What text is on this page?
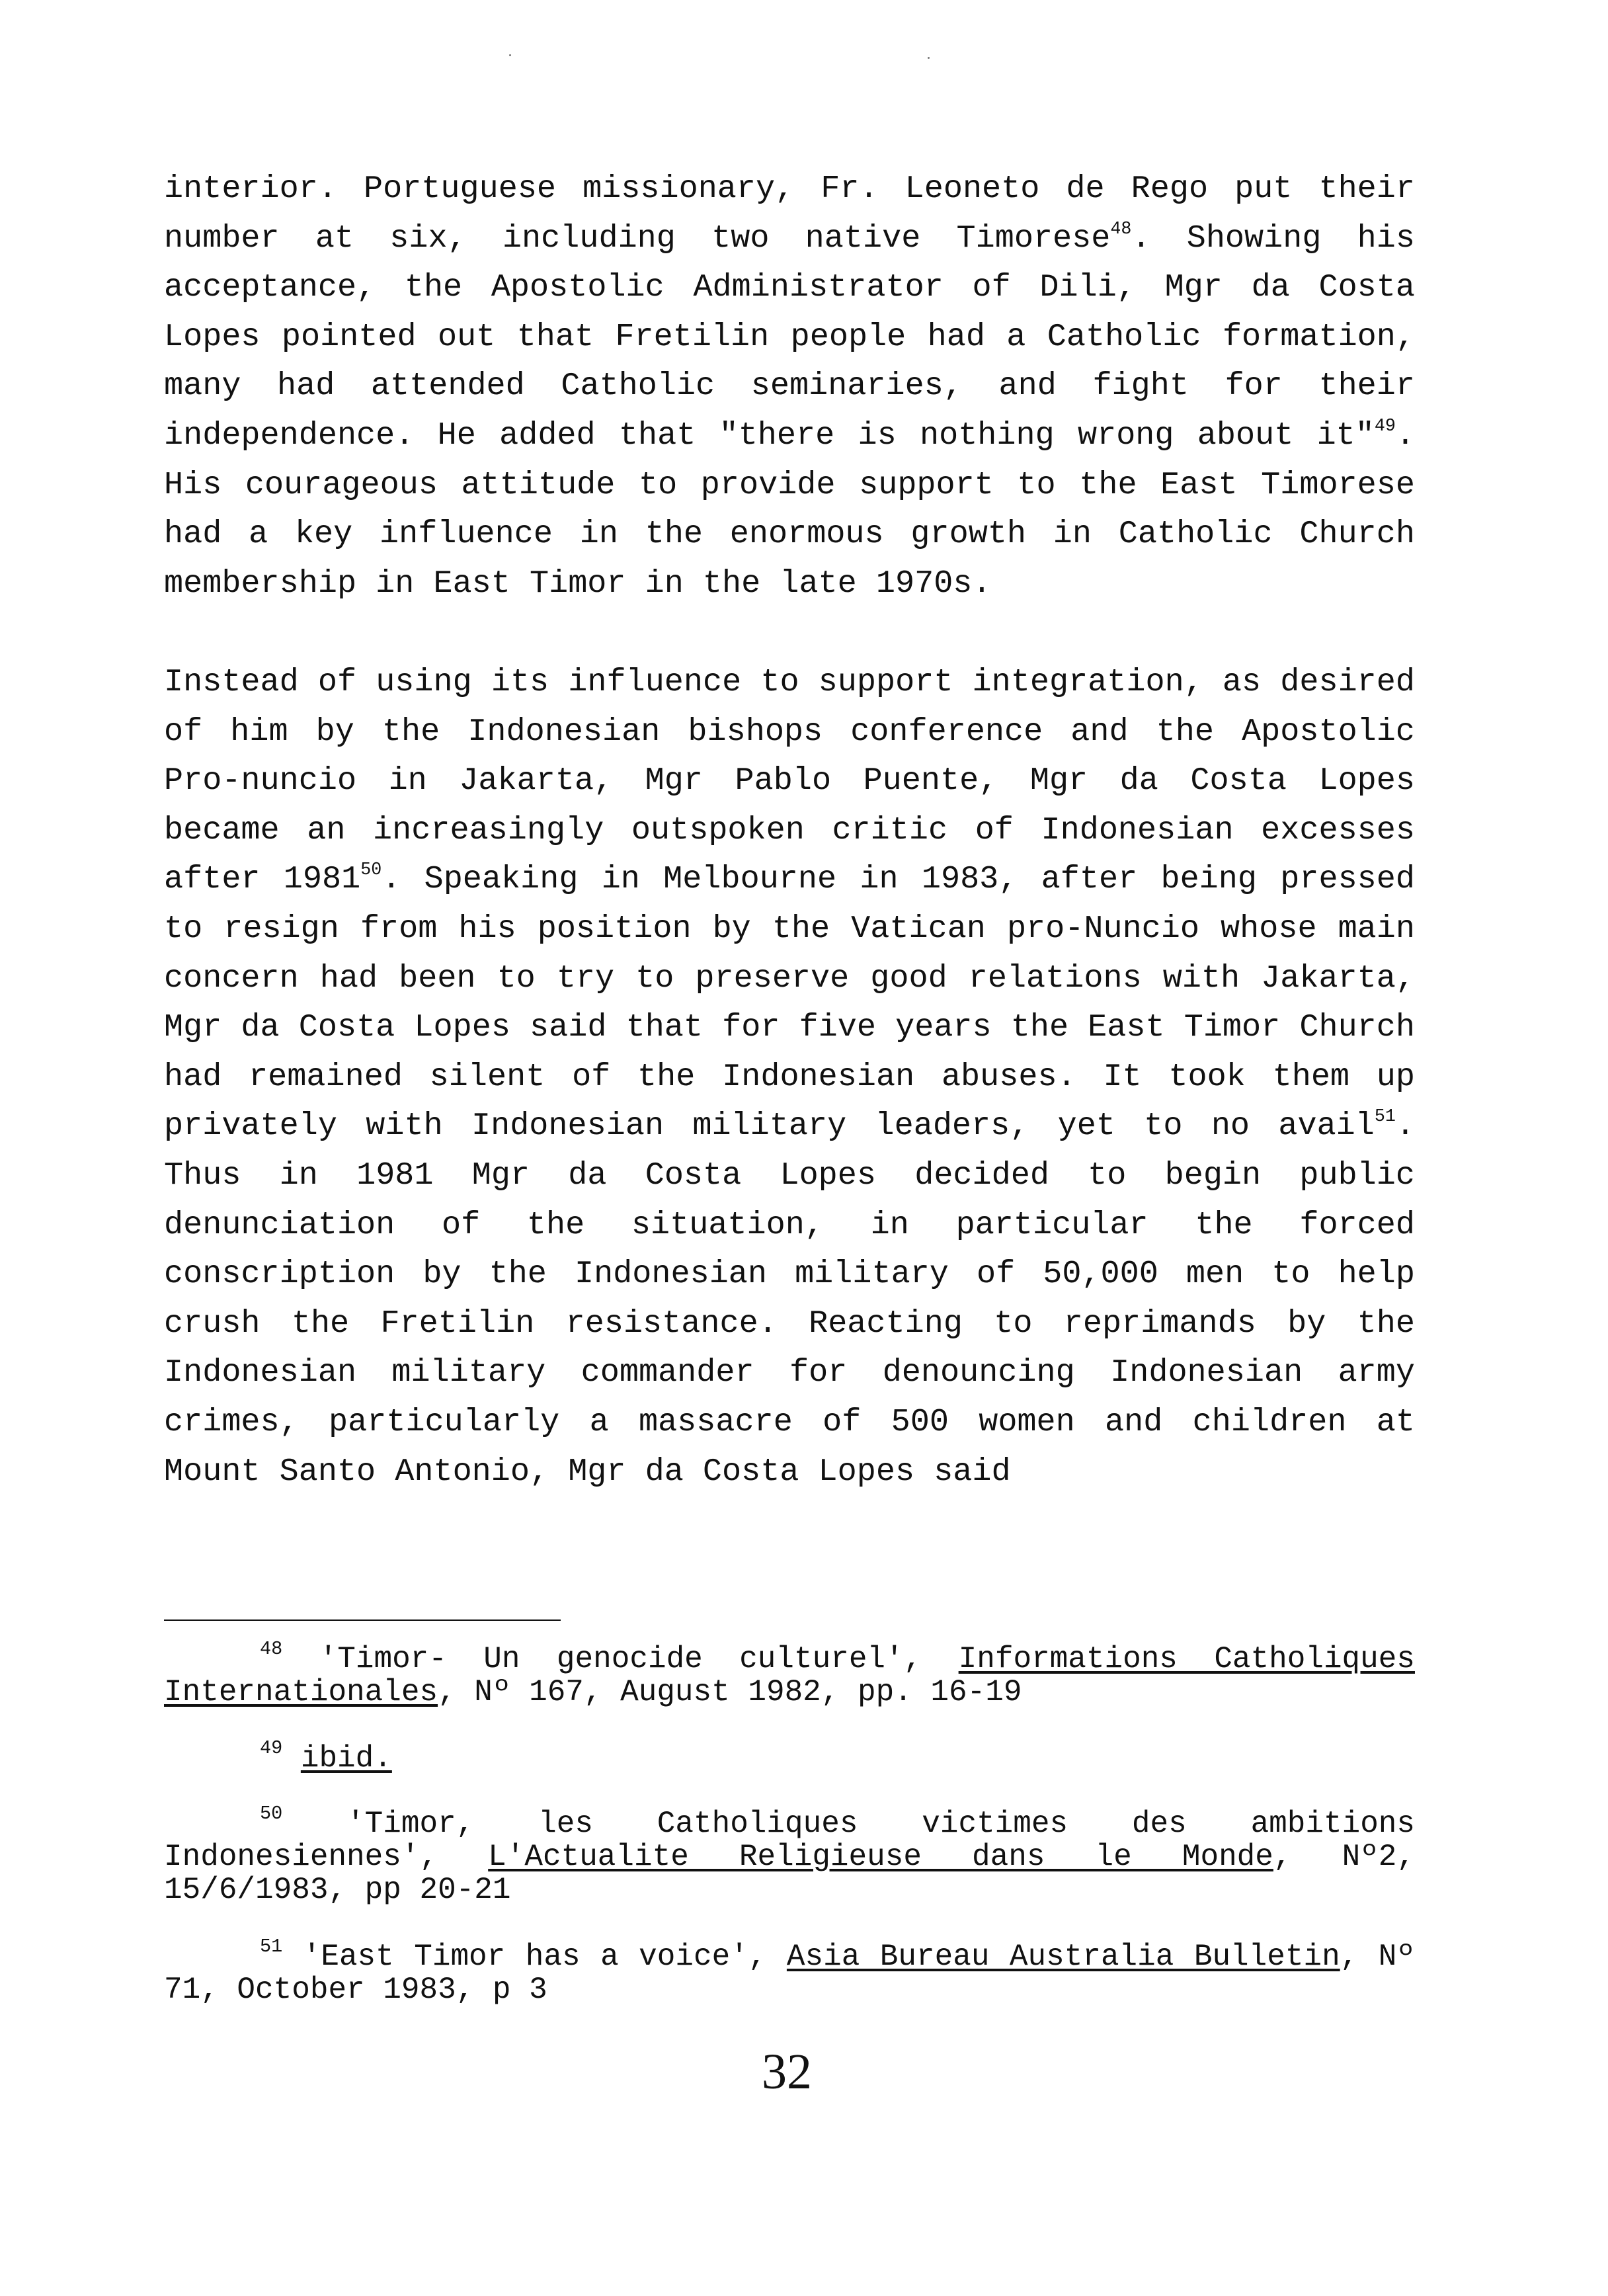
interior. Portuguese missionary, Fr. Leoneto de Rego put their number at six, including two native Timorese$^{48}$. Showing his acceptance, the Apostolic Administrator of Dili, Mgr da Costa Lopes pointed out that Fretilin people had a Catholic formation, many had attended Catholic seminaries, and fight for their independence. He added that "there is nothing wrong about it"$^{49}$. His courageous attitude to provide support to the East Timorese had a key influence in the enormous growth in Catholic Church membership in East Timor in the late 1970s.

Instead of using its influence to support integration, as desired of him by the Indonesian bishops conference and the Apostolic Pro-nuncio in Jakarta, Mgr Pablo Puente, Mgr da Costa Lopes became an increasingly outspoken critic of Indonesian excesses after 1981$^{50}$. Speaking in Melbourne in 1983, after being pressed to resign from his position by the Vatican pro-Nuncio whose main concern had been to try to preserve good relations with Jakarta, Mgr da Costa Lopes said that for five years the East Timor Church had remained silent of the Indonesian abuses. It took them up privately with Indonesian military leaders, yet to no avail$^{51}$. Thus in 1981 Mgr da Costa Lopes decided to begin public denunciation of the situation, in particular the forced conscription by the Indonesian military of 50,000 men to help crush the Fretilin resistance. Reacting to reprimands by the Indonesian military commander for denouncing Indonesian army crimes, particularly a massacre of 500 women and children at Mount Santo Antonio, Mgr da Costa Lopes said

$^{48}$ 'Timor- Un genocide culturel', Informations Catholiques Internationales, Nº 167, August 1982, pp. 16-19

$^{49}$ ibid.

$^{50}$ 'Timor, les Catholiques victimes des ambitions Indonesiennes', L'Actualite Religieuse dans le Monde, Nº2, 15/6/1983, pp 20-21

$^{51}$ 'East Timor has a voice', Asia Bureau Australia Bulletin, Nº 71, October 1983, p 3

32
